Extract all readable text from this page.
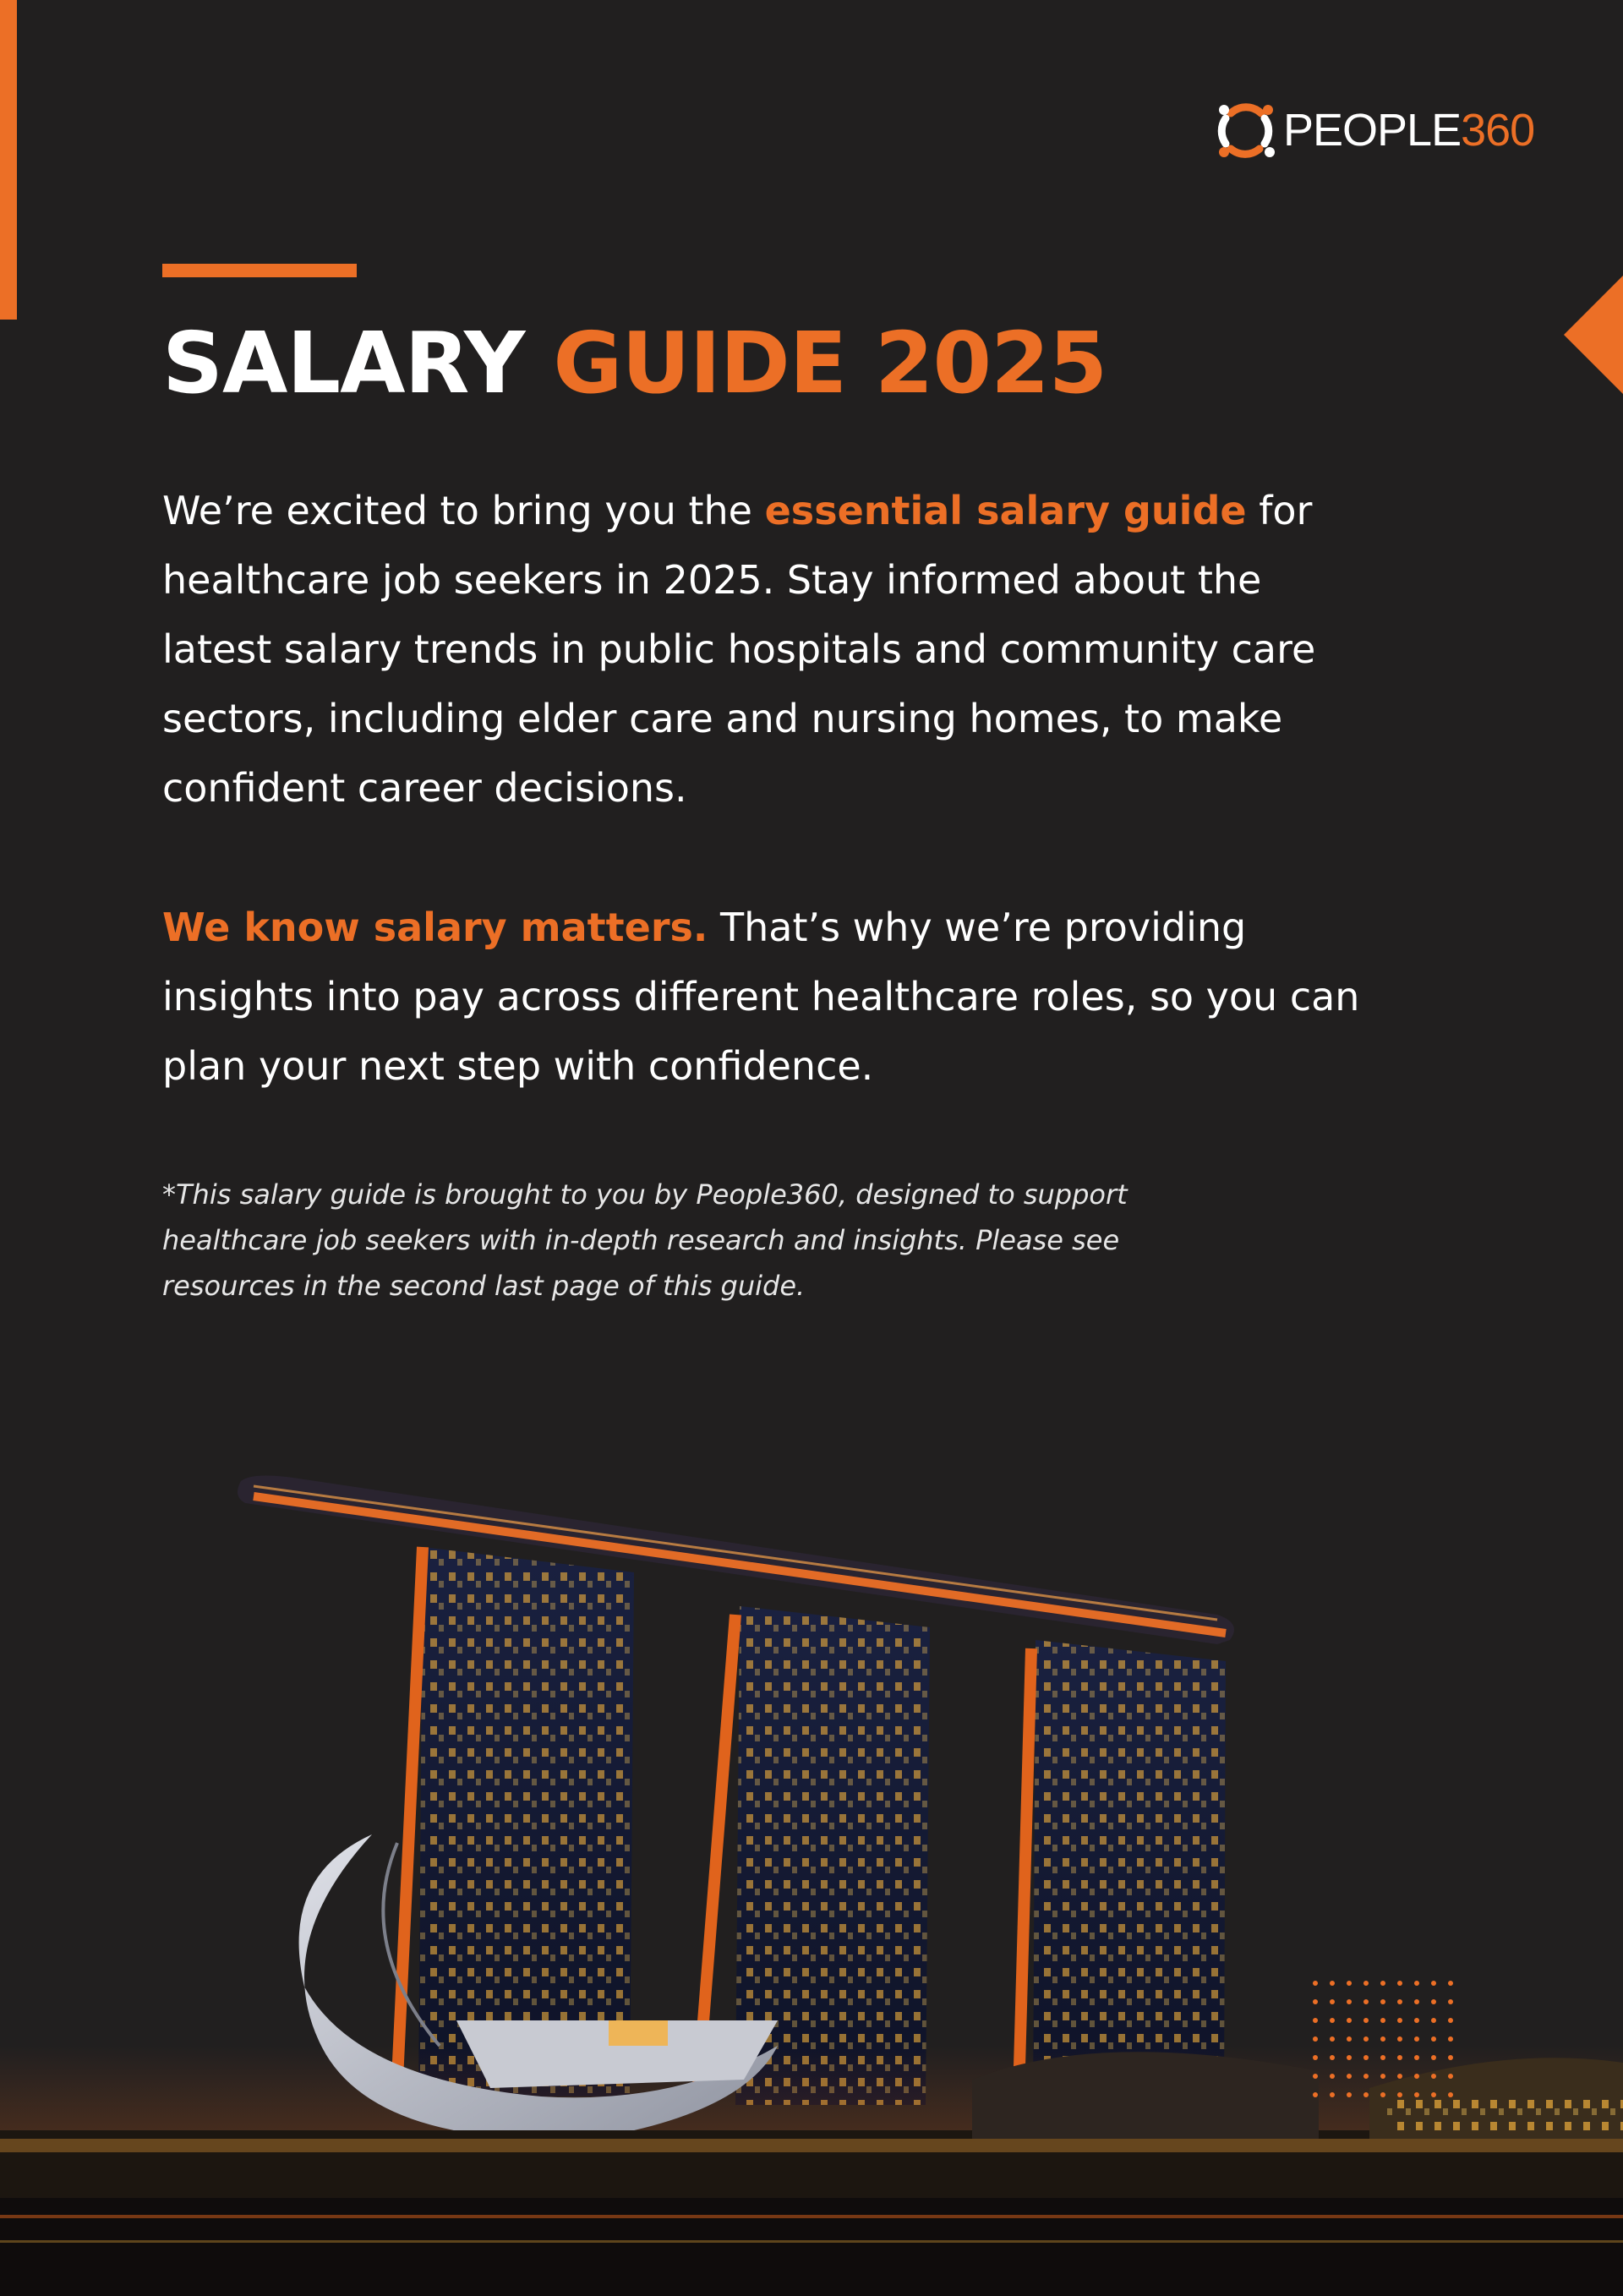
PEOPLE360
SALARY GUIDE 2025

We’re excited to bring you the essential salary guide for healthcare job seekers in 2025. Stay informed about the latest salary trends in public hospitals and community care sectors, including elder care and nursing homes, to make confident career decisions.

We know salary matters. That’s why we’re providing insights into pay across different healthcare roles, so you can plan your next step with confidence.

*This salary guide is brought to you by People360, designed to support healthcare job seekers with in-depth research and insights. Please see resources in the second last page of this guide.
